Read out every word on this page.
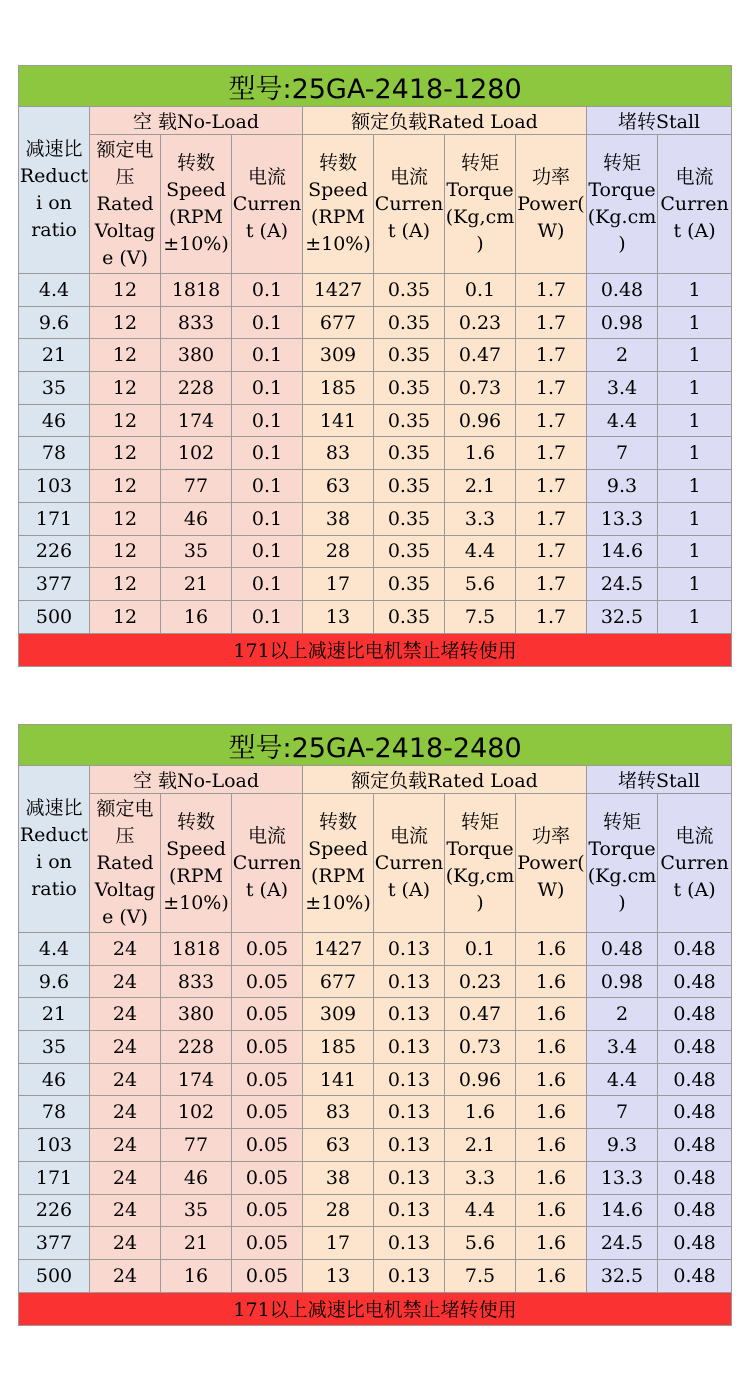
型号:25GA-2418-1280									

减速比
Reduct
i on
ratio	空 载No-Load			额定负载Rated Load				堵转Stall	

	额定电
压
Rated
Voltag
e (V)	转数
Speed
(RPM
±10%)	电流
Curren
t (A)	转数
Speed
(RPM
±10%)	电流
Curren
t (A)	转矩
Torque
(Kg,cm
)	功率
Power(
W)	转矩
Torque
(Kg.cm
)	电流
Curren
t (A)

4.4	12	1818	0.1	1427	0.35	0.1	1.7	0.48	1
9.6	12	833	0.1	677	0.35	0.23	1.7	0.98	1
21	12	380	0.1	309	0.35	0.47	1.7	2	1
35	12	228	0.1	185	0.35	0.73	1.7	3.4	1
46	12	174	0.1	141	0.35	0.96	1.7	4.4	1
78	12	102	0.1	83	0.35	1.6	1.7	7	1
103	12	77	0.1	63	0.35	2.1	1.7	9.3	1
171	12	46	0.1	38	0.35	3.3	1.7	13.3	1
226	12	35	0.1	28	0.35	4.4	1.7	14.6	1
377	12	21	0.1	17	0.35	5.6	1.7	24.5	1
500	12	16	0.1	13	0.35	7.5	1.7	32.5	1
171以上减速比电机禁止堵转使用									
型号:25GA-2418-2480									

减速比
Reduct
i on
ratio	空 载No-Load			额定负载Rated Load				堵转Stall	

	额定电
压
Rated
Voltag
e (V)	转数
Speed
(RPM
±10%)	电流
Curren
t (A)	转数
Speed
(RPM
±10%)	电流
Curren
t (A)	转矩
Torque
(Kg,cm
)	功率
Power(
W)	转矩
Torque
(Kg.cm
)	电流
Curren
t (A)

4.4	24	1818	0.05	1427	0.13	0.1	1.6	0.48	0.48
9.6	24	833	0.05	677	0.13	0.23	1.6	0.98	0.48
21	24	380	0.05	309	0.13	0.47	1.6	2	0.48
35	24	228	0.05	185	0.13	0.73	1.6	3.4	0.48
46	24	174	0.05	141	0.13	0.96	1.6	4.4	0.48
78	24	102	0.05	83	0.13	1.6	1.6	7	0.48
103	24	77	0.05	63	0.13	2.1	1.6	9.3	0.48
171	24	46	0.05	38	0.13	3.3	1.6	13.3	0.48
226	24	35	0.05	28	0.13	4.4	1.6	14.6	0.48
377	24	21	0.05	17	0.13	5.6	1.6	24.5	0.48
500	24	16	0.05	13	0.13	7.5	1.6	32.5	0.48
171以上减速比电机禁止堵转使用									
